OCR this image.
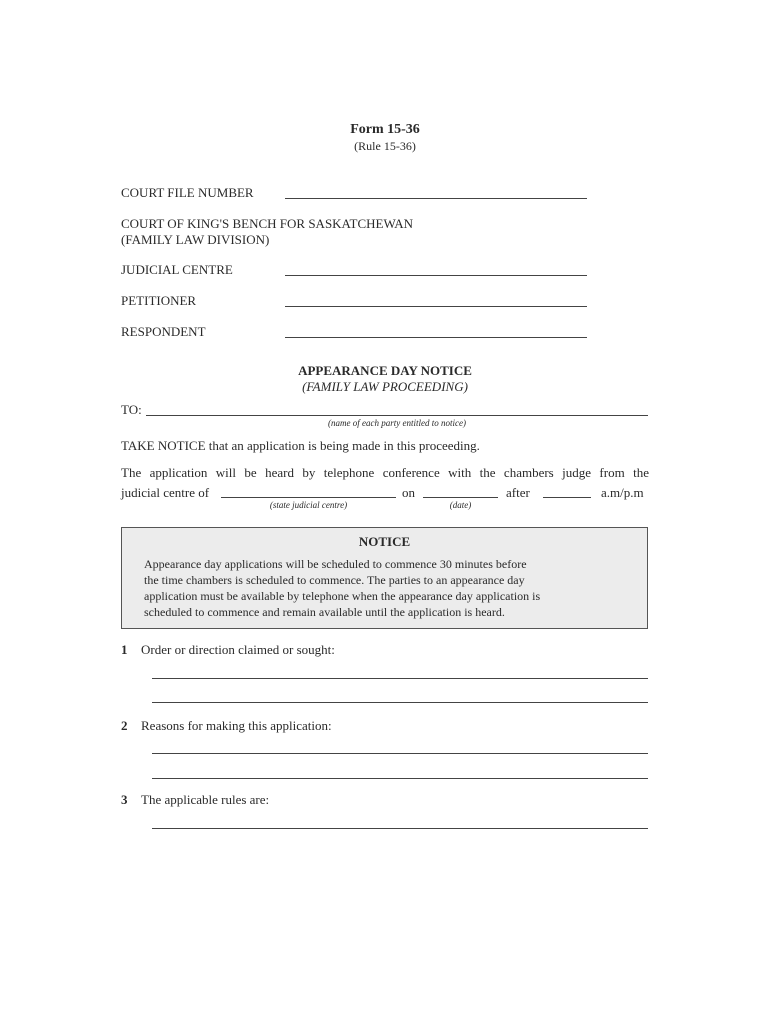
Form 15-36
(Rule 15-36)
COURT FILE NUMBER
COURT OF KING'S BENCH FOR SASKATCHEWAN
(FAMILY LAW DIVISION)
JUDICIAL CENTRE
PETITIONER
RESPONDENT
APPEARANCE DAY NOTICE
(FAMILY LAW PROCEEDING)
TO:
(name of each party entitled to notice)
TAKE NOTICE that an application is being made in this proceeding.
The application will be heard by telephone conference with the chambers judge from the
judicial centre of	on	after	a.m/p.m
(state judicial centre)	(date)
NOTICE
Appearance day applications will be scheduled to commence 30 minutes before
the time chambers is scheduled to commence. The parties to an appearance day
application must be available by telephone when the appearance day application is
scheduled to commence and remain available until the application is heard.
1 Order or direction claimed or sought:
2 Reasons for making this application:
3 The applicable rules are:
